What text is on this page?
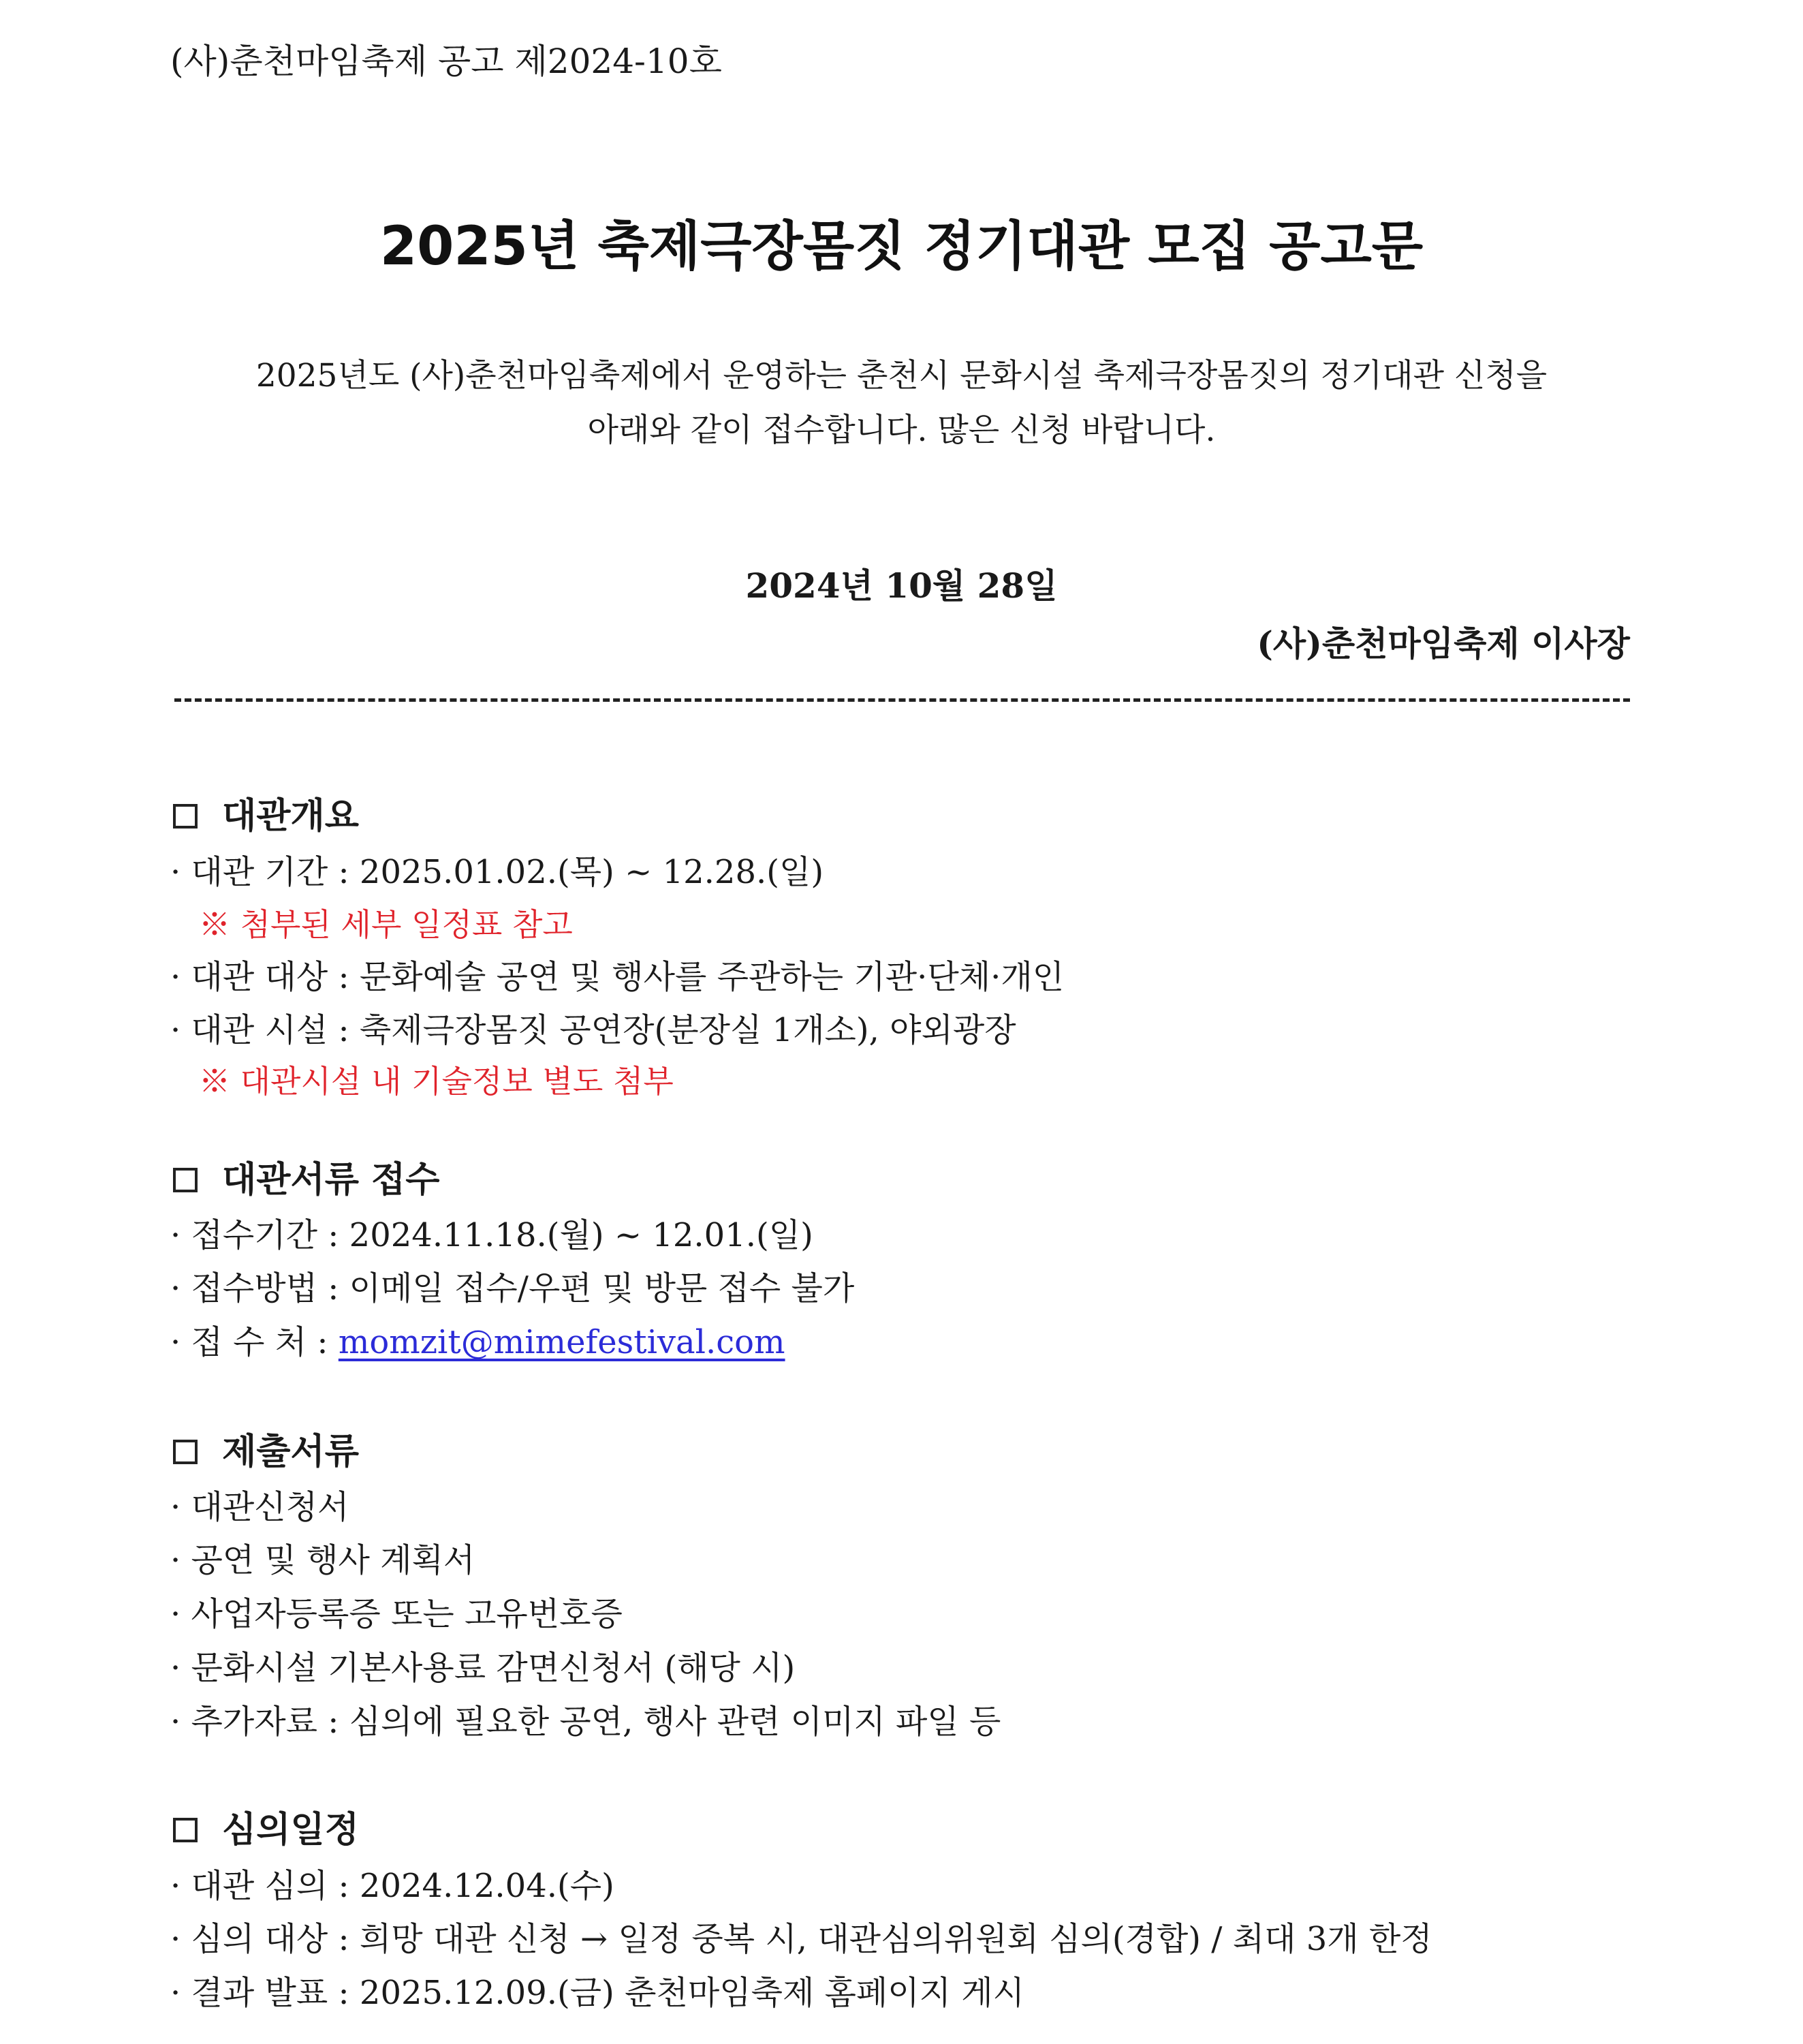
(사)춘천마임축제 공고 제2024-10호
2025년 축제극장몸짓 정기대관 모집 공고문
2025년도 (사)춘천마임축제에서 운영하는 춘천시 문화시설 축제극장몸짓의 정기대관 신청을
아래와 같이 접수합니다. 많은 신청 바랍니다.
2024년 10월 28일
(사)춘천마임축제 이사장
대관개요
· 대관 기간 : 2025.01.02.(목) ~ 12.28.(일)
※ 첨부된 세부 일정표 참고
· 대관 대상 : 문화예술 공연 및 행사를 주관하는 기관·단체·개인
· 대관 시설 : 축제극장몸짓 공연장(분장실 1개소), 야외광장
※ 대관시설 내 기술정보 별도 첨부
대관서류 접수
· 접수기간 : 2024.11.18.(월) ~ 12.01.(일)
· 접수방법 : 이메일 접수/우편 및 방문 접수 불가
· 접 수 처 : momzit@mimefestival.com
제출서류
· 대관신청서
· 공연 및 행사 계획서
· 사업자등록증 또는 고유번호증
· 문화시설 기본사용료 감면신청서 (해당 시)
· 추가자료 : 심의에 필요한 공연, 행사 관련 이미지 파일 등
심의일정
· 대관 심의 : 2024.12.04.(수)
· 심의 대상 : 희망 대관 신청 → 일정 중복 시, 대관심의위원회 심의(경합) / 최대 3개 한정
· 결과 발표 : 2025.12.09.(금) 춘천마임축제 홈페이지 게시
